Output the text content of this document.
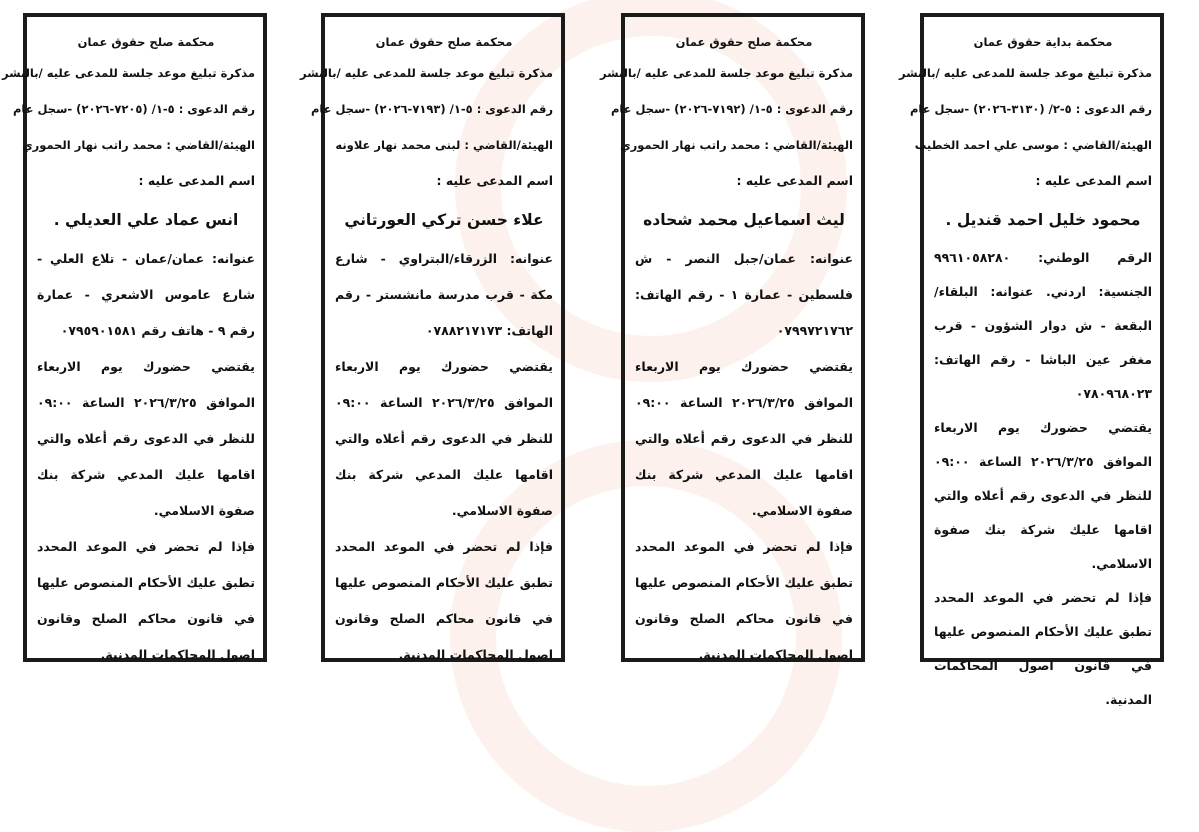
محكمة بداية حقوق عمان
مذكرة تبليغ موعد جلسة للمدعى عليه /بالنشر
رقم الدعوى : ٥-٢/ (٣١٣٠-٢٠٢٦) -سجل عام
الهيئة/القاضي : موسى علي احمد الخطيب
اسم المدعى عليه :
محمود خليل احمد قنديل .
الرقم الوطني: ٩٩٦١٠٥٨٢٨٠ الجنسية: اردني. عنوانه: البلقاء/البقعة - ش دوار الشؤون - قرب مغفر عين الباشا - رقم الهاتف: ٠٧٨٠٩٦٨٠٢٣
يقتضي حضورك يوم الاربعاء الموافق ٢٠٢٦/٣/٢٥ الساعة ٠٩:٠٠ للنظر في الدعوى رقم أعلاه والتي اقامها عليك شركة بنك صفوة الاسلامي.
فإذا لم تحضر في الموعد المحدد تطبق عليك الأحكام المنصوص عليها في قانون اصول المحاكمات المدنية.
محكمة صلح حقوق عمان
مذكرة تبليغ موعد جلسة للمدعى عليه /بالنشر
رقم الدعوى : ٥-١/ (٧١٩٢-٢٠٢٦) -سجل عام
الهيئة/القاضي : محمد راتب نهار الحموري
اسم المدعى عليه :
ليث اسماعيل محمد شحاده
عنوانه: عمان/جبل النصر - ش فلسطين - عمارة ١ - رقم الهاتف: ٠٧٩٩٧٢١٧٦٢
يقتضي حضورك يوم الاربعاء الموافق ٢٠٢٦/٣/٢٥ الساعة ٠٩:٠٠ للنظر في الدعوى رقم أعلاه والتي اقامها عليك المدعي شركة بنك صفوة الاسلامي.
فإذا لم تحضر في الموعد المحدد تطبق عليك الأحكام المنصوص عليها في قانون محاكم الصلح وقانون اصول المحاكمات المدنية.
محكمة صلح حقوق عمان
مذكرة تبليغ موعد جلسة للمدعى عليه /بالنشر
رقم الدعوى : ٥-١/ (٧١٩٣-٢٠٢٦) -سجل عام
الهيئة/القاضي : لبنى محمد نهار علاونه
اسم المدعى عليه :
علاء حسن تركي العورتاني
عنوانه: الزرقاء/البتراوي - شارع مكة - قرب مدرسة مانشستر - رقم الهاتف: ٠٧٨٨٢١٧١٧٣
يقتضي حضورك يوم الاربعاء الموافق ٢٠٢٦/٣/٢٥ الساعة ٠٩:٠٠ للنظر في الدعوى رقم أعلاه والتي اقامها عليك المدعي شركة بنك صفوة الاسلامي.
فإذا لم تحضر في الموعد المحدد تطبق عليك الأحكام المنصوص عليها في قانون محاكم الصلح وقانون اصول المحاكمات المدنية.
محكمة صلح حقوق عمان
مذكرة تبليغ موعد جلسة للمدعى عليه /بالنشر
رقم الدعوى : ٥-١/ (٧٢٠٥-٢٠٢٦) -سجل عام
الهيئة/القاضي : محمد راتب نهار الحموري
اسم المدعى عليه :
انس عماد علي العديلي .
عنوانه: عمان/عمان - تلاع العلي - شارع عاموس الاشعري - عمارة رقم ٩ - هاتف رقم ٠٧٩٥٩٠١٥٨١
يقتضي حضورك يوم الاربعاء الموافق ٢٠٢٦/٣/٢٥ الساعة ٠٩:٠٠ للنظر في الدعوى رقم أعلاه والتي اقامها عليك المدعي شركة بنك صفوة الاسلامي.
فإذا لم تحضر في الموعد المحدد تطبق عليك الأحكام المنصوص عليها في قانون محاكم الصلح وقانون اصول المحاكمات المدنية.
